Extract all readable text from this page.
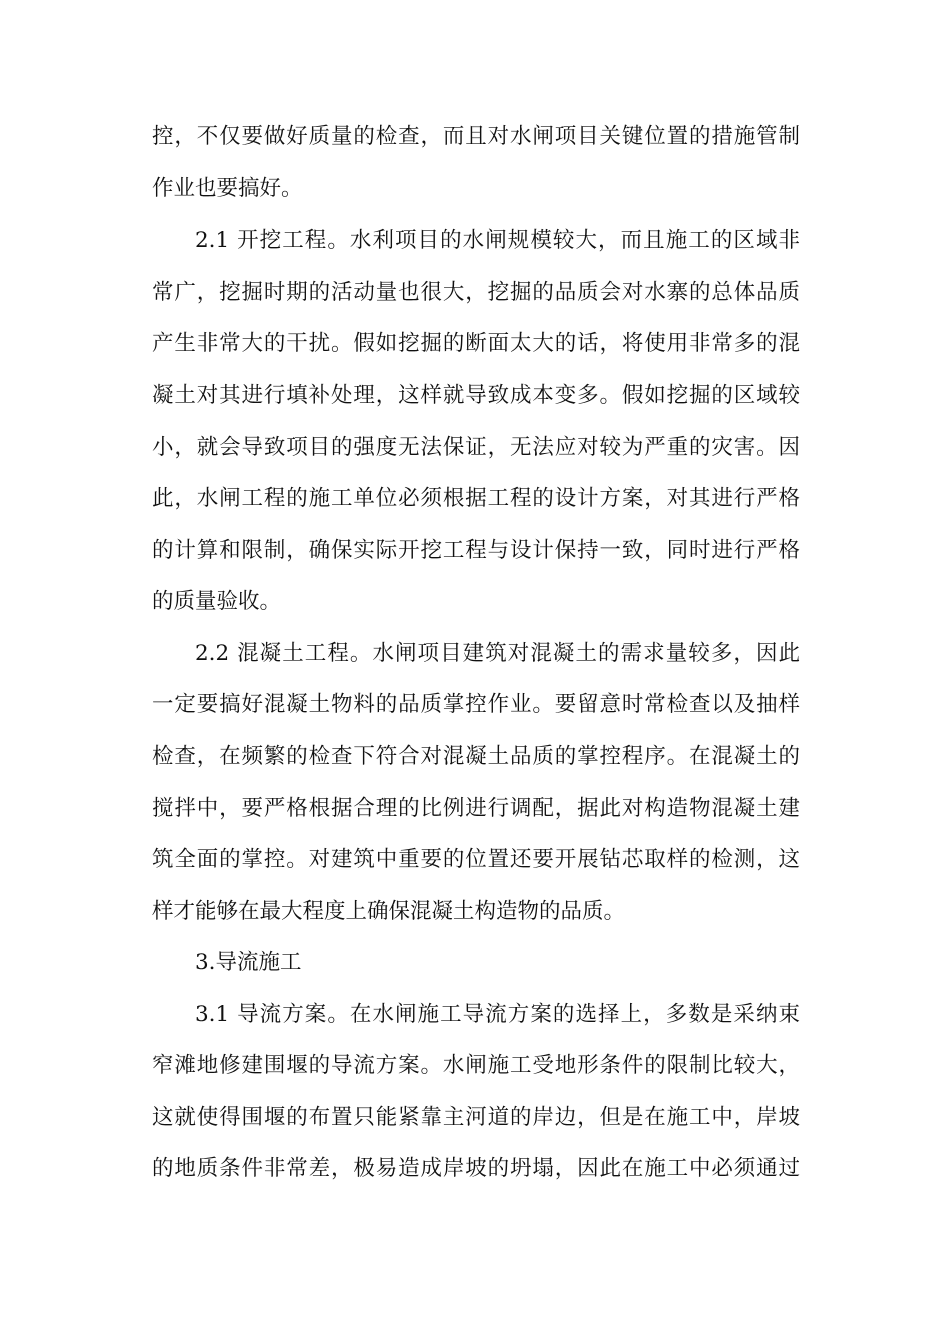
控，不仅要做好质量的检查，而且对水闸项目关键位置的措施管制
作业也要搞好。
2.1 开挖工程。水利项目的水闸规模较大，而且施工的区域非
常广，挖掘时期的活动量也很大，挖掘的品质会对水寨的总体品质
产生非常大的干扰。假如挖掘的断面太大的话，将使用非常多的混
凝土对其进行填补处理，这样就导致成本变多。假如挖掘的区域较
小，就会导致项目的强度无法保证，无法应对较为严重的灾害。因
此，水闸工程的施工单位必须根据工程的设计方案，对其进行严格
的计算和限制，确保实际开挖工程与设计保持一致，同时进行严格
的质量验收。
2.2 混凝土工程。水闸项目建筑对混凝土的需求量较多，因此
一定要搞好混凝土物料的品质掌控作业。要留意时常检查以及抽样
检查，在频繁的检查下符合对混凝土品质的掌控程序。在混凝土的
搅拌中，要严格根据合理的比例进行调配，据此对构造物混凝土建
筑全面的掌控。对建筑中重要的位置还要开展钻芯取样的检测，这
样才能够在最大程度上确保混凝土构造物的品质。
3.导流施工
3.1 导流方案。在水闸施工导流方案的选择上，多数是采纳束
窄滩地修建围堰的导流方案。水闸施工受地形条件的限制比较大，
这就使得围堰的布置只能紧靠主河道的岸边，但是在施工中，岸坡
的地质条件非常差，极易造成岸坡的坍塌，因此在施工中必须通过
